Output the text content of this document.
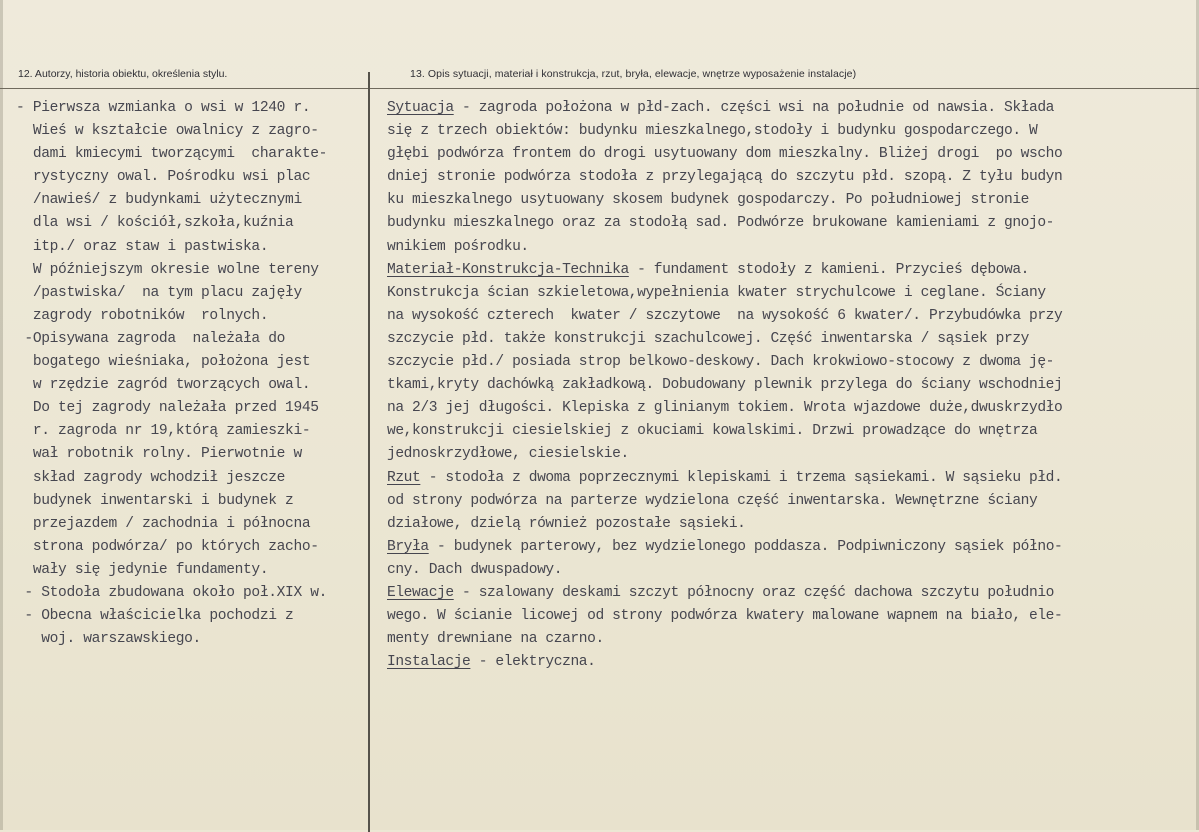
12. Autorzy, historia obiektu, określenia stylu.	13. Opis sytuacji, materiał i konstrukcja, rzut, bryła, elewacje, wnętrze wyposażenie instalacje)
- Pierwsza wzmianka o wsi w 1240 r.
Wieś w kształcie owalnicy z zagro-
dami kmiecymi tworzącymi  charakte-
rystyczny owal. Pośrodku wsi plac
/nawieś/ z budynkami użytecznymi
dla wsi / kościół,szkoła,kuźnia
itp./ oraz staw i pastwiska.
W późniejszym okresie wolne tereny
/pastwiska/  na tym placu zajęły
zagrody robotników  rolnych.
-Opisywana zagroda  należała do
bogatego wieśniaka, położona jest
w rzędzie zagród tworzących owal.
Do tej zagrody należała przed 1945
r. zagroda nr 19,którą zamieszki-
wał robotnik rolny. Pierwotnie w
skład zagrody wchodził jeszcze
budynek inwentarski i budynek z
przejazdem / zachodnia i północna
strona podwórza/ po których zacho-
wały się jedynie fundamenty.
- Stodoła zbudowana około poł.XIX w.
- Obecna właścicielka pochodzi z
woj. warszawskiego.
Sytuacja - zagroda położona w płd-zach. części wsi na południe od nawsia. Składa
się z trzech obiektów: budynku mieszkalnego,stodoły i budynku gospodarczego. W
głębi podwórza frontem do drogi usytuowany dom mieszkalny. Bliżej drogi  po wscho
dniej stronie podwórza stodoła z przylegającą do szczytu płd. szopą. Z tyłu budyn
ku mieszkalnego usytuowany skosem budynek gospodarczy. Po południowej stronie
budynku mieszkalnego oraz za stodołą sad. Podwórze brukowane kamieniami z gnojo-
wnikiem pośrodku.
Materiał-Konstrukcja-Technika - fundament stodoły z kamieni. Przycieś dębowa.
Konstrukcja ścian szkieletowa,wypełnienia kwater strychulcowe i ceglane. Ściany
na wysokość czterech  kwater / szczytowe  na wysokość 6 kwater/. Przybudówka przy
szczycie płd. także konstrukcji szachulcowej. Część inwentarska / sąsiek przy
szczycie płd./ posiada strop belkowo-deskowy. Dach krokwiowo-stocowy z dwoma ję-
tkami,kryty dachówką zakładkową. Dobudowany plewnik przylega do ściany wschodniej
na 2/3 jej długości. Klepiska z glinianym tokiem. Wrota wjazdowe duże,dwuskrzydło
we,konstrukcji ciesielskiej z okuciami kowalskimi. Drzwi prowadzące do wnętrza
jednoskrzydłowe, ciesielskie.
Rzut - stodoła z dwoma poprzecznymi klepiskami i trzema sąsiekami. W sąsieku płd.
od strony podwórza na parterze wydzielona część inwentarska. Wewnętrzne ściany
działowe, dzielą również pozostałe sąsieki.
Bryła - budynek parterowy, bez wydzielonego poddasza. Podpiwniczony sąsiek półno-
cny. Dach dwuspadowy.
Elewacje - szalowany deskami szczyt północny oraz część dachowa szczytu południo
wego. W ścianie licowej od strony podwórza kwatery malowane wapnem na biało, ele-
menty drewniane na czarno.
Instalacje - elektryczna.
